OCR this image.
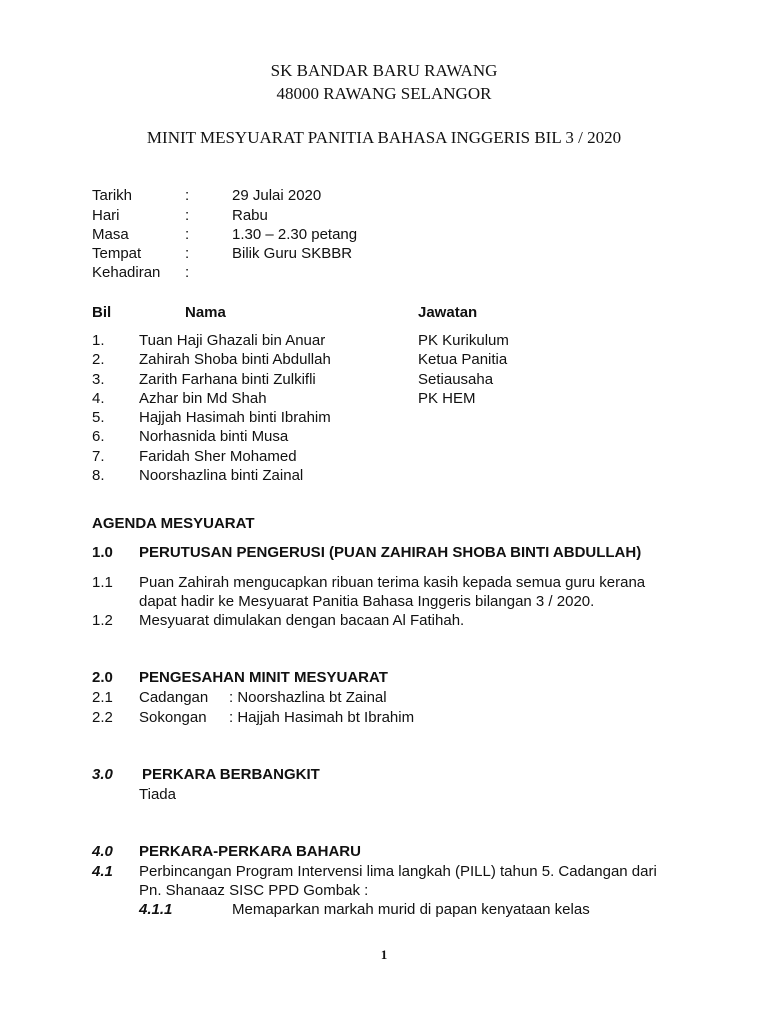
SK BANDAR BARU RAWANG
48000 RAWANG SELANGOR
MINIT MESYUARAT PANITIA BAHASA INGGERIS BIL 3 / 2020
Tarikh	:	29 Julai 2020
Hari	:	Rabu
Masa	:	1.30 – 2.30 petang
Tempat	:	Bilik Guru SKBBR
Kehadiran :
Bil	Nama	Jawatan
1. Tuan Haji Ghazali bin Anuar	PK Kurikulum
2. Zahirah Shoba binti Abdullah	Ketua Panitia
3. Zarith Farhana binti Zulkifli	Setiausaha
4. Azhar bin Md Shah	PK HEM
5. Hajjah Hasimah binti Ibrahim
6. Norhasnida binti Musa
7. Faridah Sher Mohamed
8. Noorshazlina binti Zainal
AGENDA MESYUARAT
1.0 PERUTUSAN PENGERUSI (PUAN ZAHIRAH SHOBA BINTI ABDULLAH)
1.1 Puan Zahirah mengucapkan ribuan terima kasih kepada semua guru kerana
dapat hadir ke Mesyuarat Panitia Bahasa Inggeris bilangan 3 / 2020.
1.2 Mesyuarat dimulakan dengan bacaan Al Fatihah.
2.0 PENGESAHAN MINIT MESYUARAT
2.1 Cadangan : Noorshazlina bt Zainal
2.2 Sokongan : Hajjah Hasimah bt Ibrahim
3.0 PERKARA BERBANGKIT
Tiada
4.0 PERKARA-PERKARA BAHARU
4.1 Perbincangan Program Intervensi lima langkah (PILL) tahun 5. Cadangan dari
Pn. Shanaaz SISC PPD Gombak :
4.1.1	Memaparkan markah murid di papan kenyataan kelas
1
